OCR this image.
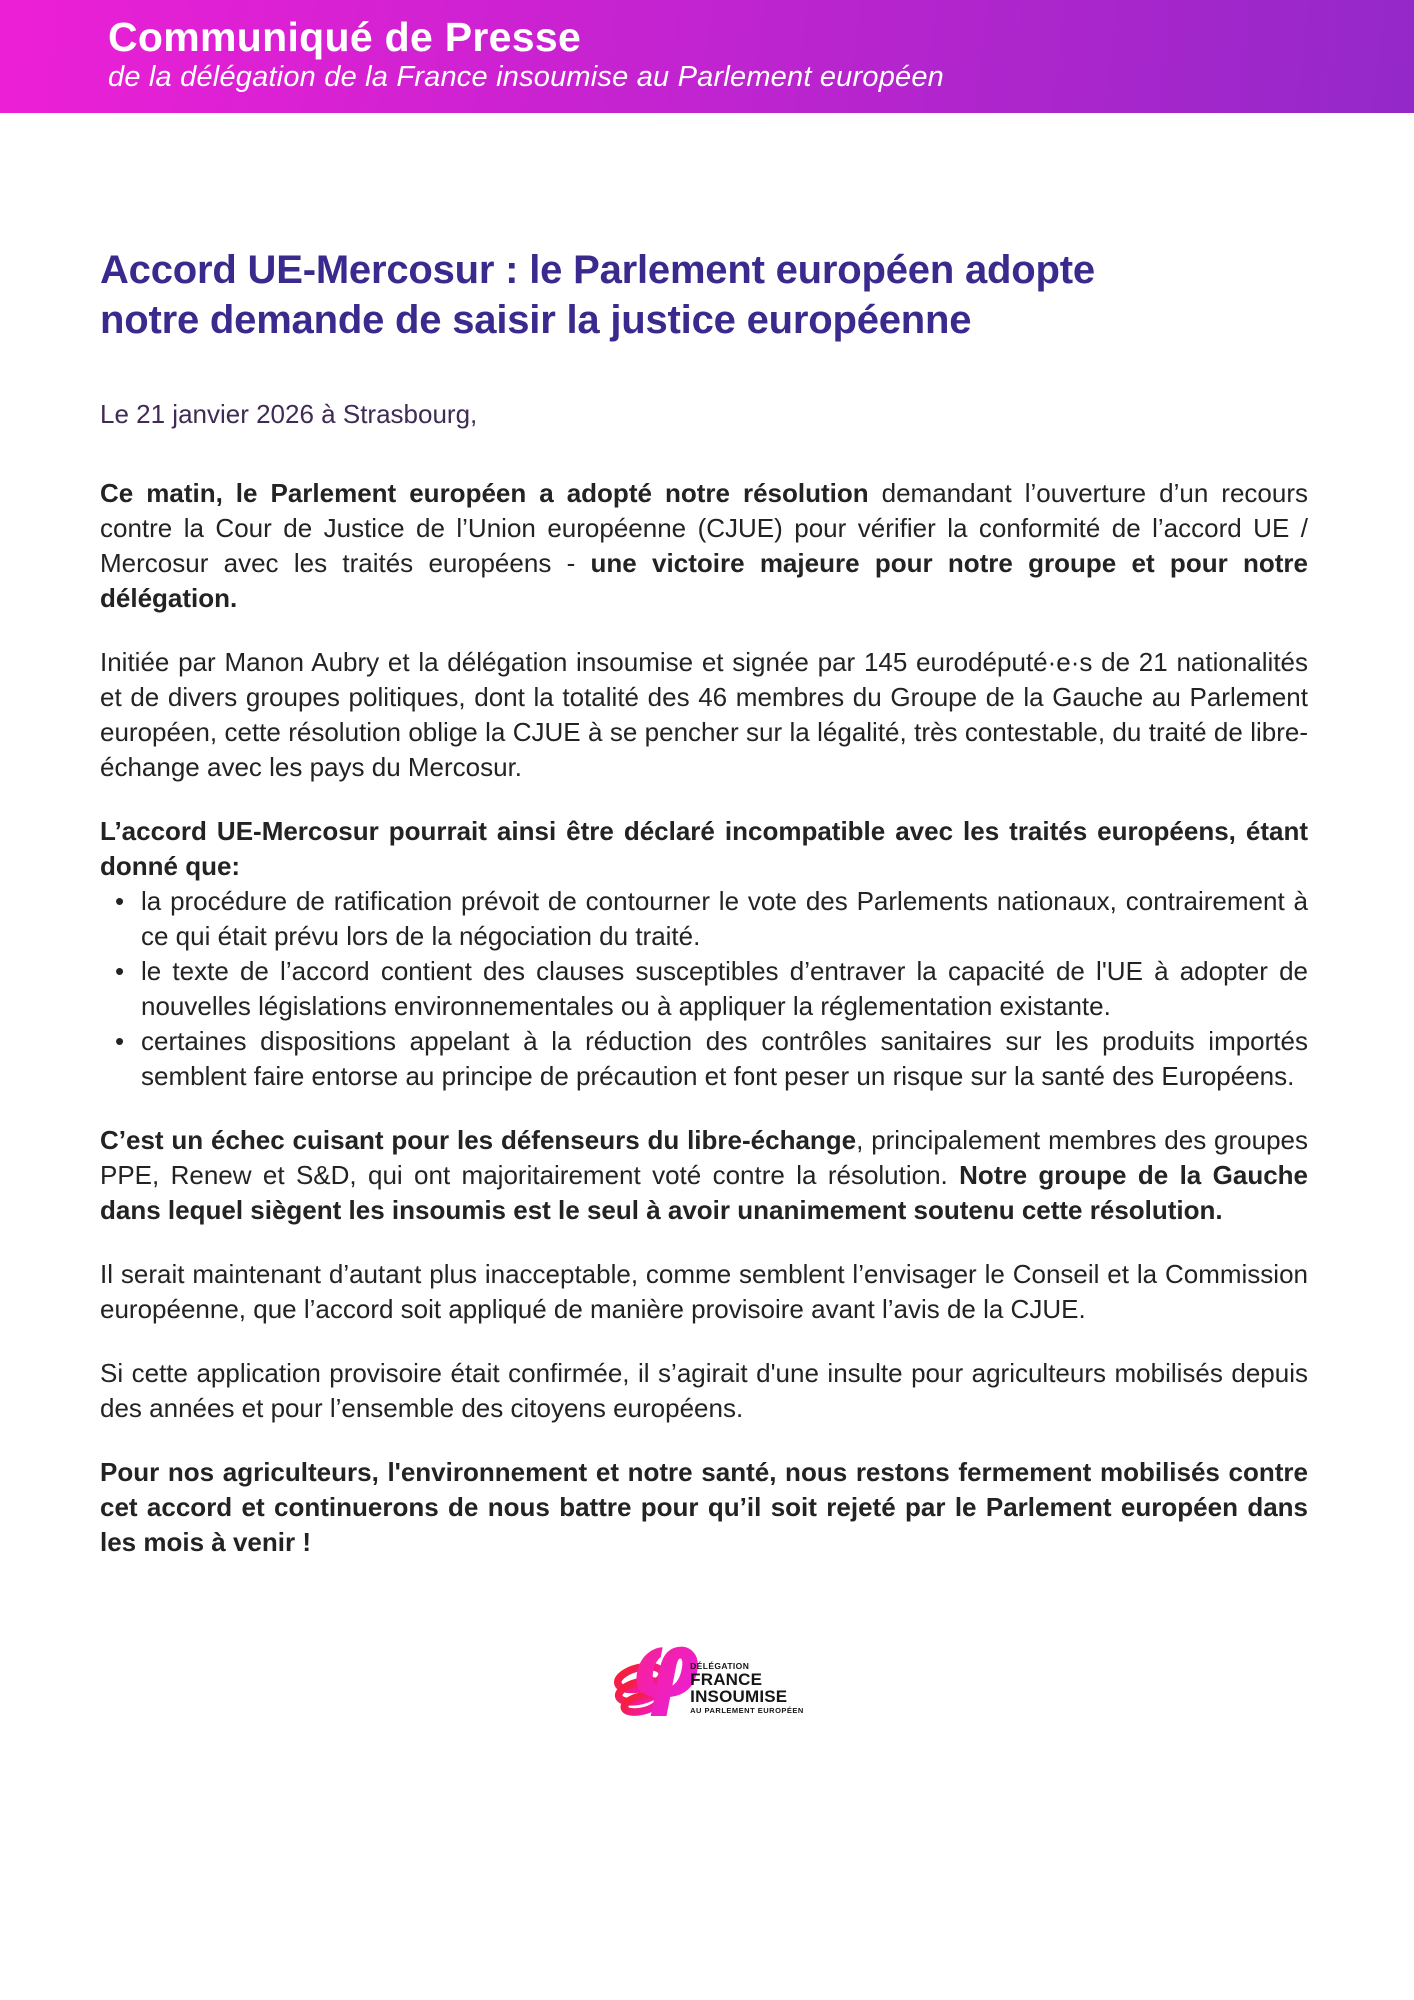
Communiqué de Presse
de la délégation de la France insoumise au Parlement européen
Accord UE-Mercosur : le Parlement européen adopte notre demande de saisir la justice européenne
Le 21 janvier 2026 à Strasbourg,

Ce matin, le Parlement européen a adopté notre résolution demandant l’ouverture d’un recours contre la Cour de Justice de l’Union européenne (CJUE) pour vérifier la conformité de l’accord UE / Mercosur avec les traités européens - une victoire majeure pour notre groupe et pour notre délégation.

Initiée par Manon Aubry et la délégation insoumise et signée par 145 eurodéputé·e·s de 21 nationalités et de divers groupes politiques, dont la totalité des 46 membres du Groupe de la Gauche au Parlement européen, cette résolution oblige la CJUE à se pencher sur la légalité, très contestable, du traité de libre-échange avec les pays du Mercosur.

L’accord UE-Mercosur pourrait ainsi être déclaré incompatible avec les traités européens, étant donné que:

• la procédure de ratification prévoit de contourner le vote des Parlements nationaux, contrairement à ce qui était prévu lors de la négociation du traité.
• le texte de l’accord contient des clauses susceptibles d’entraver la capacité de l'UE à adopter de nouvelles législations environnementales ou à appliquer la réglementation existante.
• certaines dispositions appelant à la réduction des contrôles sanitaires sur les produits importés semblent faire entorse au principe de précaution et font peser un risque sur la santé des Européens.

C’est un échec cuisant pour les défenseurs du libre-échange, principalement membres des groupes PPE, Renew et S&D, qui ont majoritairement voté contre la résolution. Notre groupe de la Gauche dans lequel siègent les insoumis est le seul à avoir unanimement soutenu cette résolution.

Il serait maintenant d’autant plus inacceptable, comme semblent l’envisager le Conseil et la Commission européenne, que l’accord soit appliqué de manière provisoire avant l’avis de la CJUE.

Si cette application provisoire était confirmée, il s’agirait d'une insulte pour agriculteurs mobilisés depuis des années et pour l’ensemble des citoyens européens.

Pour nos agriculteurs, l'environnement et notre santé, nous restons fermement mobilisés contre cet accord et continuerons de nous battre pour qu’il soit rejeté par le Parlement européen dans les mois à venir !

φ
DÉLÉGATION
FRANCE
INSOUMISE
AU PARLEMENT EUROPÉEN
